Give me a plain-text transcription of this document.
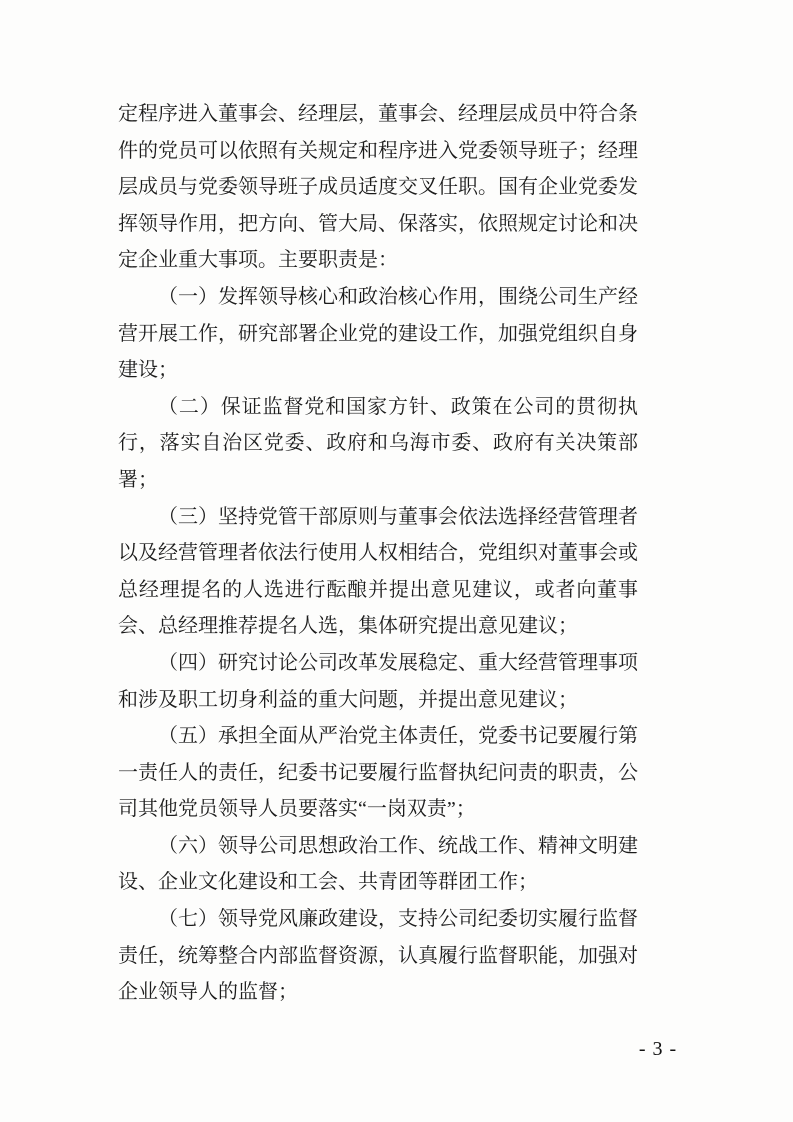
定程序进入董事会、经理层，董事会、经理层成员中符合条件的党员可以依照有关规定和程序进入党委领导班子；经理层成员与党委领导班子成员适度交叉任职。国有企业党委发挥领导作用，把方向、管大局、保落实，依照规定讨论和决定企业重大事项。主要职责是：

（一）发挥领导核心和政治核心作用，围绕公司生产经营开展工作，研究部署企业党的建设工作，加强党组织自身建设；

（二）保证监督党和国家方针、政策在公司的贯彻执行，落实自治区党委、政府和乌海市委、政府有关决策部署；

（三）坚持党管干部原则与董事会依法选择经营管理者以及经营管理者依法行使用人权相结合，党组织对董事会或总经理提名的人选进行酝酿并提出意见建议，或者向董事会、总经理推荐提名人选，集体研究提出意见建议；

（四）研究讨论公司改革发展稳定、重大经营管理事项和涉及职工切身利益的重大问题，并提出意见建议；

（五）承担全面从严治党主体责任，党委书记要履行第一责任人的责任，纪委书记要履行监督执纪问责的职责，公司其他党员领导人员要落实“一岗双责”；

（六）领导公司思想政治工作、统战工作、精神文明建设、企业文化建设和工会、共青团等群团工作；

（七）领导党风廉政建设，支持公司纪委切实履行监督责任，统筹整合内部监督资源，认真履行监督职能，加强对企业领导人的监督；

- 3 -
